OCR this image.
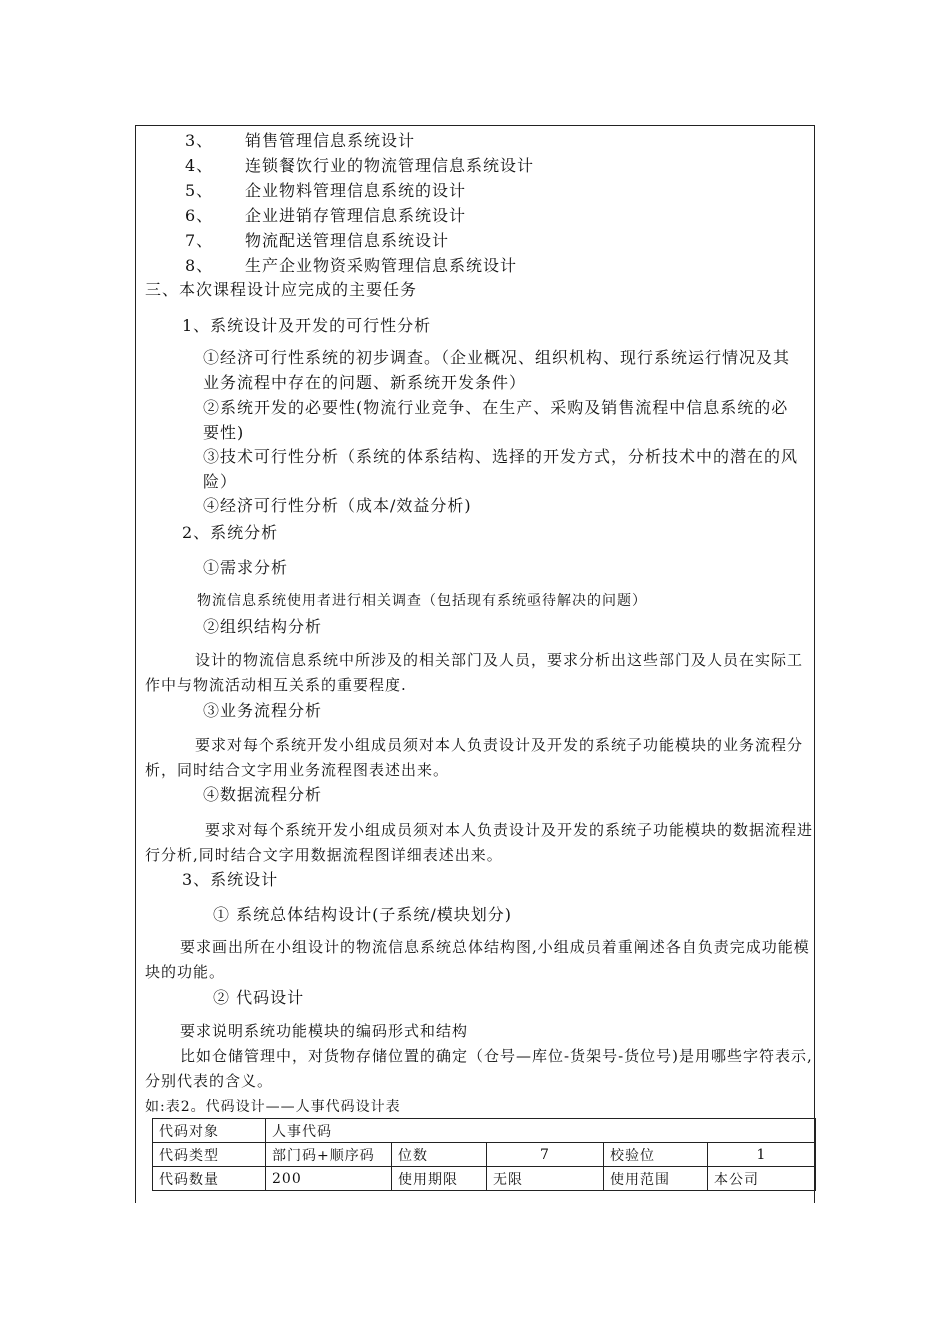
3、 销售管理信息系统设计
4、 连锁餐饮行业的物流管理信息系统设计
5、 企业物料管理信息系统的设计
6、 企业进销存管理信息系统设计
7、 物流配送管理信息系统设计
8、 生产企业物资采购管理信息系统设计
三、本次课程设计应完成的主要任务
1、系统设计及开发的可行性分析
①经济可行性系统的初步调查。（企业概况、组织机构、现行系统运行情况及其业务流程中存在的问题、新系统开发条件）
②系统开发的必要性(物流行业竞争、在生产、采购及销售流程中信息系统的必要性)
③技术可行性分析（系统的体系结构、选择的开发方式，分析技术中的潜在的风险）
④经济可行性分析（成本/效益分析)
2、系统分析
①需求分析
物流信息系统使用者进行相关调查（包括现有系统亟待解决的问题）
②组织结构分析
设计的物流信息系统中所涉及的相关部门及人员，要求分析出这些部门及人员在实际工作中与物流活动相互关系的重要程度.
③业务流程分析
要求对每个系统开发小组成员须对本人负责设计及开发的系统子功能模块的业务流程分析，同时结合文字用业务流程图表述出来。
④数据流程分析
要求对每个系统开发小组成员须对本人负责设计及开发的系统子功能模块的数据流程进行分析,同时结合文字用数据流程图详细表述出来。
3、系统设计
① 系统总体结构设计(子系统/模块划分)
要求画出所在小组设计的物流信息系统总体结构图,小组成员着重阐述各自负责完成功能模块的功能。
② 代码设计
要求说明系统功能模块的编码形式和结构
比如仓储管理中，对货物存储位置的确定（仓号—库位-货架号-货位号)是用哪些字符表示,分别代表的含义。
如:表2。代码设计——人事代码设计表
代码对象	人事代码				
代码类型	部门码+顺序码	位数	7	校验位	1
代码数量	200	使用期限	无限	使用范围	本公司
